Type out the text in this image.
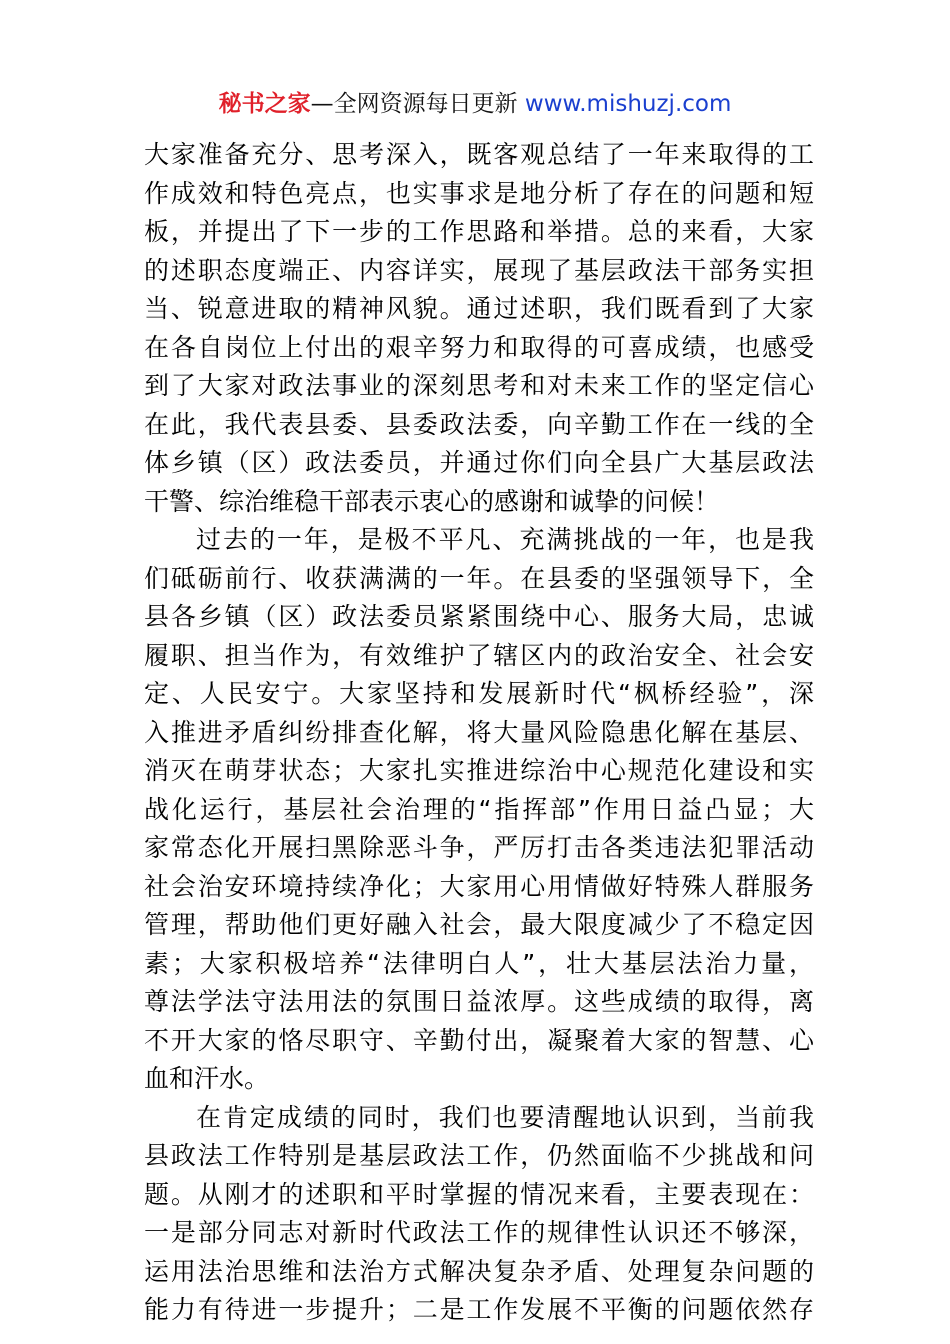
秘书之家—全网资源每日更新 www.mishuzj.com
大家准备充分、思考深入，既客观总结了一年来取得的工
作成效和特色亮点，也实事求是地分析了存在的问题和短
板，并提出了下一步的工作思路和举措。总的来看，大家
的述职态度端正、内容详实，展现了基层政法干部务实担
当、锐意进取的精神风貌。通过述职，我们既看到了大家
在各自岗位上付出的艰辛努力和取得的可喜成绩，也感受
到了大家对政法事业的深刻思考和对未来工作的坚定信心
在此，我代表县委、县委政法委，向辛勤工作在一线的全
体乡镇（区）政法委员，并通过你们向全县广大基层政法
干警、综治维稳干部表示衷心的感谢和诚挚的问候！
过去的一年，是极不平凡、充满挑战的一年，也是我
们砥砺前行、收获满满的一年。在县委的坚强领导下，全
县各乡镇（区）政法委员紧紧围绕中心、服务大局，忠诚
履职、担当作为，有效维护了辖区内的政治安全、社会安
定、人民安宁。大家坚持和发展新时代“枫桥经验”，深
入推进矛盾纠纷排查化解，将大量风险隐患化解在基层、
消灭在萌芽状态；大家扎实推进综治中心规范化建设和实
战化运行，基层社会治理的“指挥部”作用日益凸显；大
家常态化开展扫黑除恶斗争，严厉打击各类违法犯罪活动
社会治安环境持续净化；大家用心用情做好特殊人群服务
管理，帮助他们更好融入社会，最大限度减少了不稳定因
素；大家积极培养“法律明白人”，壮大基层法治力量，
尊法学法守法用法的氛围日益浓厚。这些成绩的取得，离
不开大家的恪尽职守、辛勤付出，凝聚着大家的智慧、心
血和汗水。
在肯定成绩的同时，我们也要清醒地认识到，当前我
县政法工作特别是基层政法工作，仍然面临不少挑战和问
题。从刚才的述职和平时掌握的情况来看，主要表现在：
一是部分同志对新时代政法工作的规律性认识还不够深，
运用法治思维和法治方式解决复杂矛盾、处理复杂问题的
能力有待进一步提升；二是工作发展不平衡的问题依然存
